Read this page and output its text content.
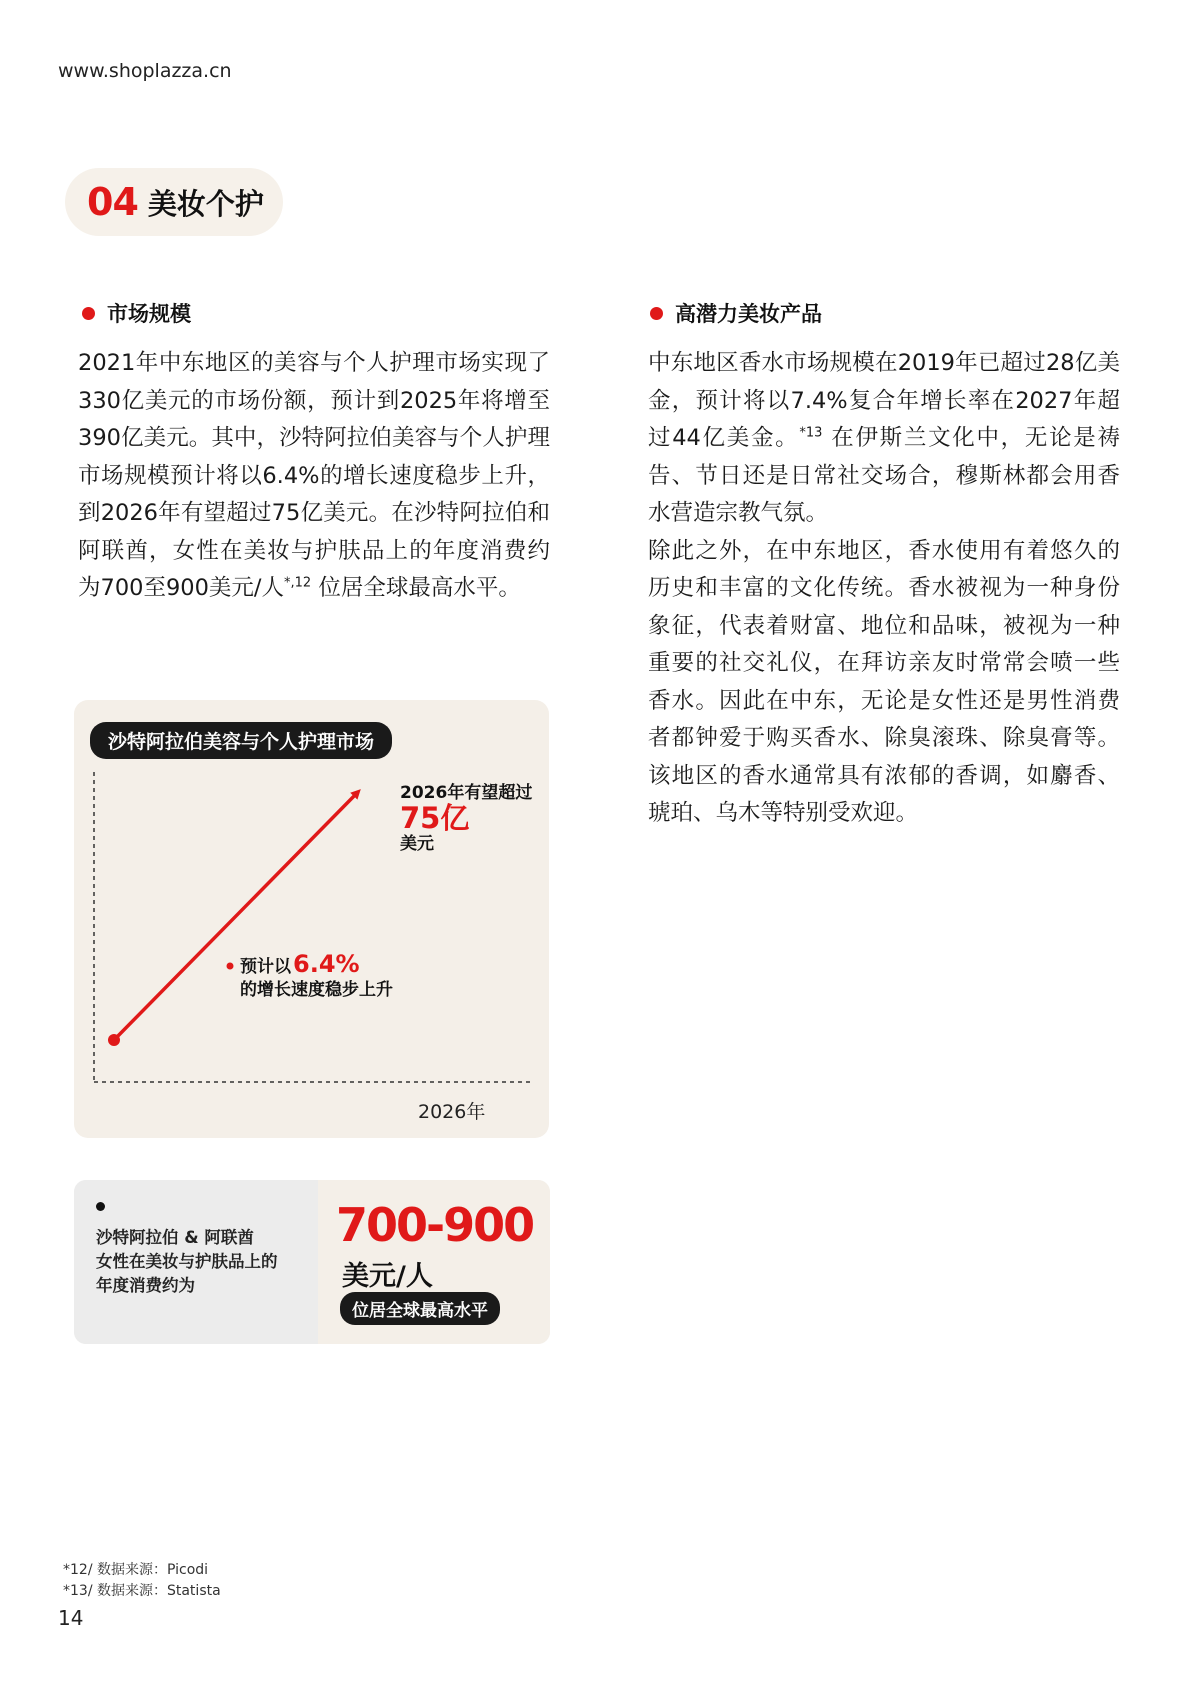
www.shoplazza.cn
04 美妆个护
市场规模

2021年中东地区的美容与个人护理市场实现了330亿美元的市场份额，预计到2025年将增至390亿美元。其中，沙特阿拉伯美容与个人护理市场规模预计将以6.4%的增长速度稳步上升，到2026年有望超过75亿美元。在沙特阿拉伯和阿联酋，女性在美妆与护肤品上的年度消费约为700至900美元/人$^{*,12}$ 位居全球最高水平。

高潜力美妆产品

中东地区香水市场规模在2019年已超过28亿美金，预计将以7.4%复合年增长率在2027年超过44亿美金。$^{*13}$ 在伊斯兰文化中，无论是祷告、节日还是日常社交场合，穆斯林都会用香水营造宗教气氛。

除此之外，在中东地区，香水使用有着悠久的历史和丰富的文化传统。香水被视为一种身份象征，代表着财富、地位和品味，被视为一种重要的社交礼仪，在拜访亲友时常常会喷一些香水。因此在中东，无论是女性还是男性消费者都钟爱于购买香水、除臭滚珠、除臭膏等。该地区的香水通常具有浓郁的香调，如麝香、琥珀、乌木等特别受欢迎。

预计以6.4%
的增长速度稳步上升
2026年有望超过
75亿
美元
2026年
沙特阿拉伯美容与个人护理市场
沙特阿拉伯 & 阿联酋
女性在美妆与护肤品上的
年度消费约为
700-900
美元/人
位居全球最高水平
*12/ 数据来源：Picodi
*13/ 数据来源：Statista
14
